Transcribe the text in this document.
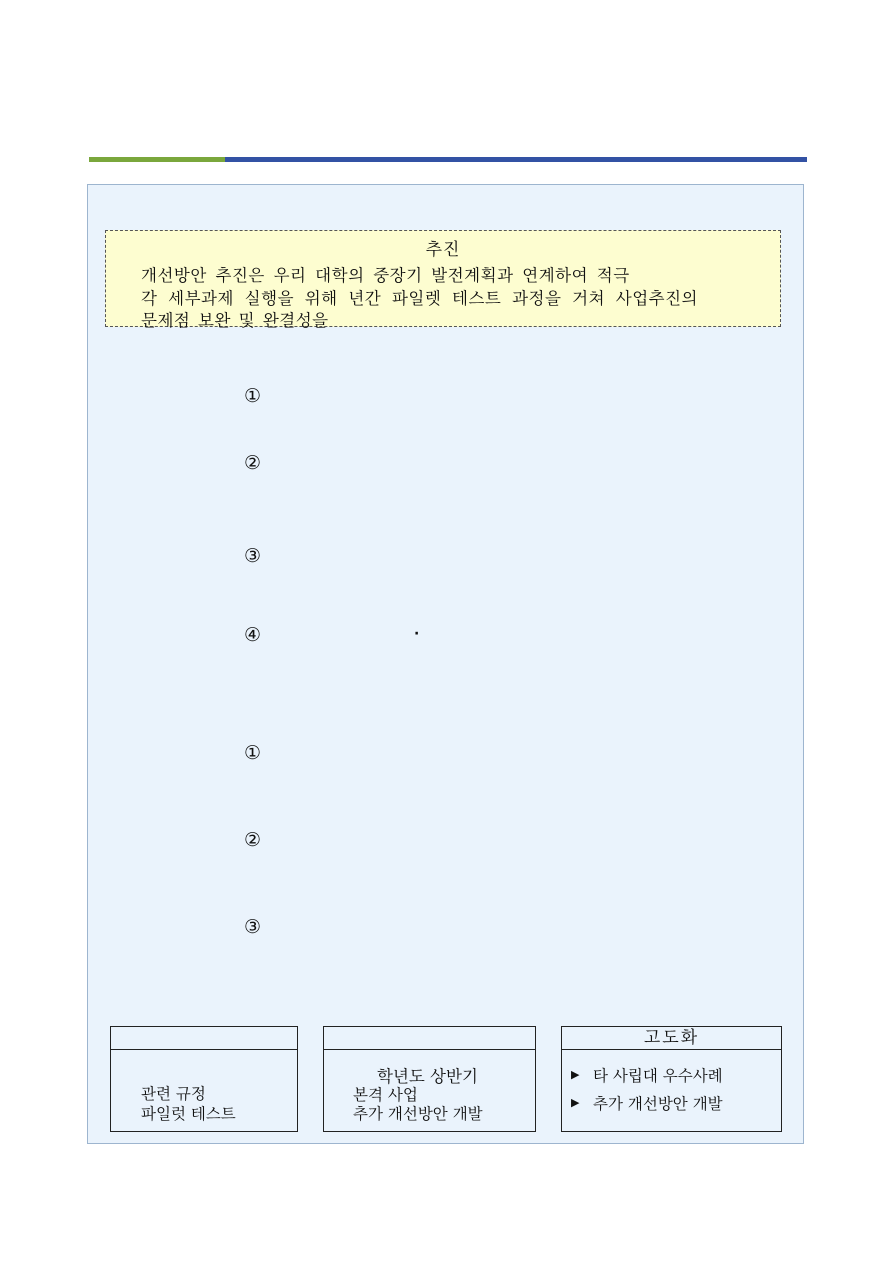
추진
개선방안 추진은 우리 대학의 중장기 발전계획과 연계하여 적극
각 세부과제 실행을 위해 년간 파일렛 테스트 과정을 거쳐 사업추진의
문제점 보완 및 완결성을
①
②
③
④	·
①
②
③
관련 규정
파일럿 테스트
학년도 상반기
본격 사업
추가 개선방안 개발
고도화
▶ 타 사립대 우수사례
▶ 추가 개선방안 개발
